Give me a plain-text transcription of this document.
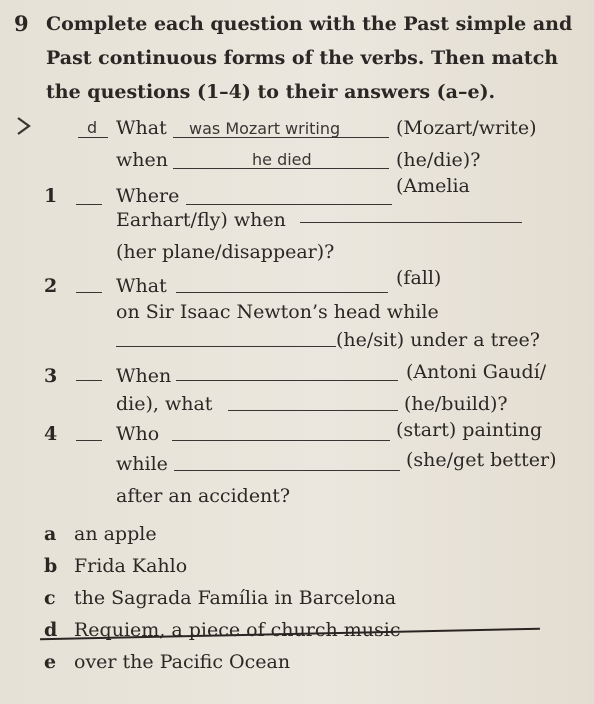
9 Complete each question with the Past simple and
Past continuous forms of the verbs. Then match
the questions (1–4) to their answers (a–e).
d What was Mozart writing	(Mozart/write)
when	he died	(he/die)?
1	Where	(Amelia
Earhart/fly) when
(her plane/disappear)?
2	What	(fall)
on Sir Isaac Newton’s head while
(he/sit) under a tree?
3	When	(Antoni Gaudí/
die), what	(he/build)?
4	Who	(start) painting
while	(she/get better)
after an accident?
a an apple
b Frida Kahlo
c the Sagrada Família in Barcelona
d Requiem, a piece of church music
e over the Pacific Ocean
